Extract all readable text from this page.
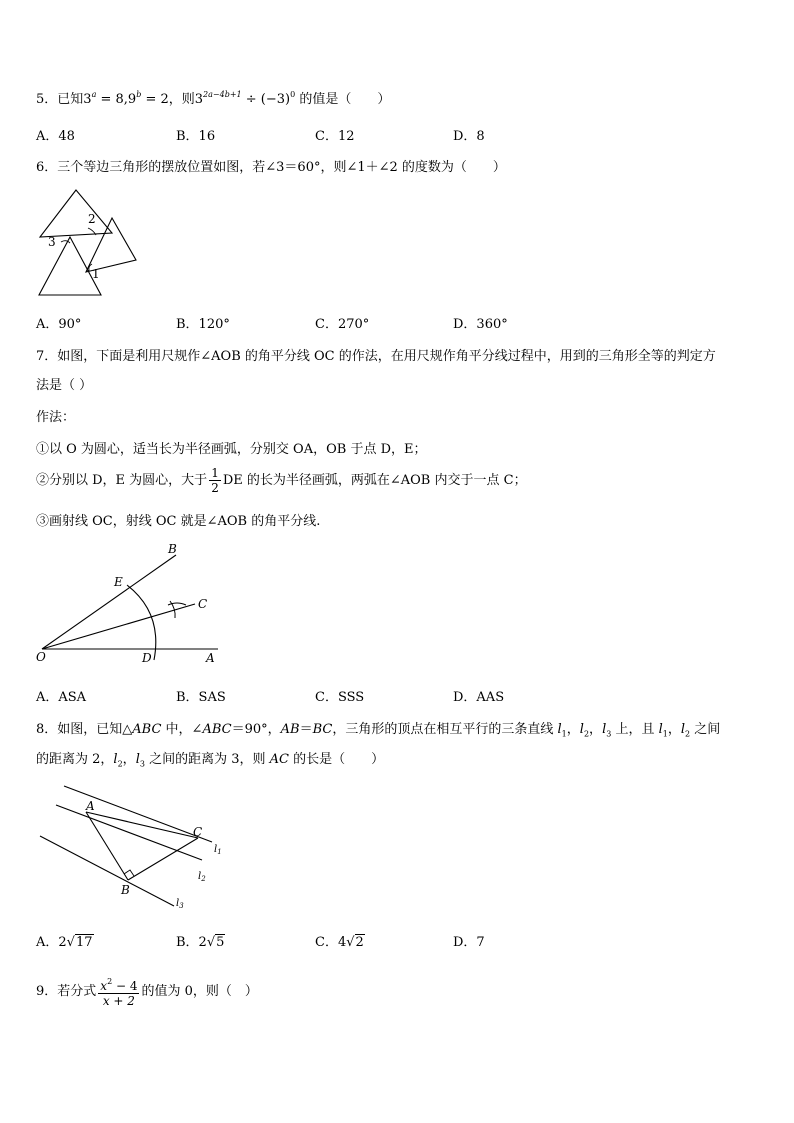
5．已知$3^a = 8,9^b = 2$，则$3^{2a-4b+1} \div (-3)^0$ 的值是（　　）
A．48	B．16	C．12	D．8
6．三个等边三角形的摆放位置如图，若∠3＝60°，则∠1＋∠2 的度数为（　　）
2
3
1
A．90°	B．120°	C．270°	D．360°
7．如图，下面是利用尺规作∠AOB 的角平分线 OC 的作法，在用尺规作角平分线过程中，用到的三角形全等的判定方
法是（ ）
作法：
①以 O 为圆心，适当长为半径画弧，分别交 OA，OB 于点 D，E；
②分别以 D，E 为圆心，大于 $\frac{1}{2}$ DE 的长为半径画弧，两弧在∠AOB 内交于一点 C；
③画射线 OC，射线 OC 就是∠AOB 的角平分线.
B
E
C
O	D	A
A．ASA	B．SAS	C．SSS	D．AAS
8．如图，已知△ABC 中，∠ABC＝90°，AB＝BC，三角形的顶点在相互平行的三条直线 $l_1$，$l_2$，$l_3$ 上，且 $l_1$，$l_2$ 之间
的距离为 2，$l_2$，$l_3$ 之间的距离为 3，则 AC 的长是（　　）
A
C
B
$l_1$
$l_2$
$l_3$
A．2√17	B．2√5	C．4√2	D．7
9．若分式 $\frac{x^2 - 4}{x + 2}$ 的值为 0，则（　）
